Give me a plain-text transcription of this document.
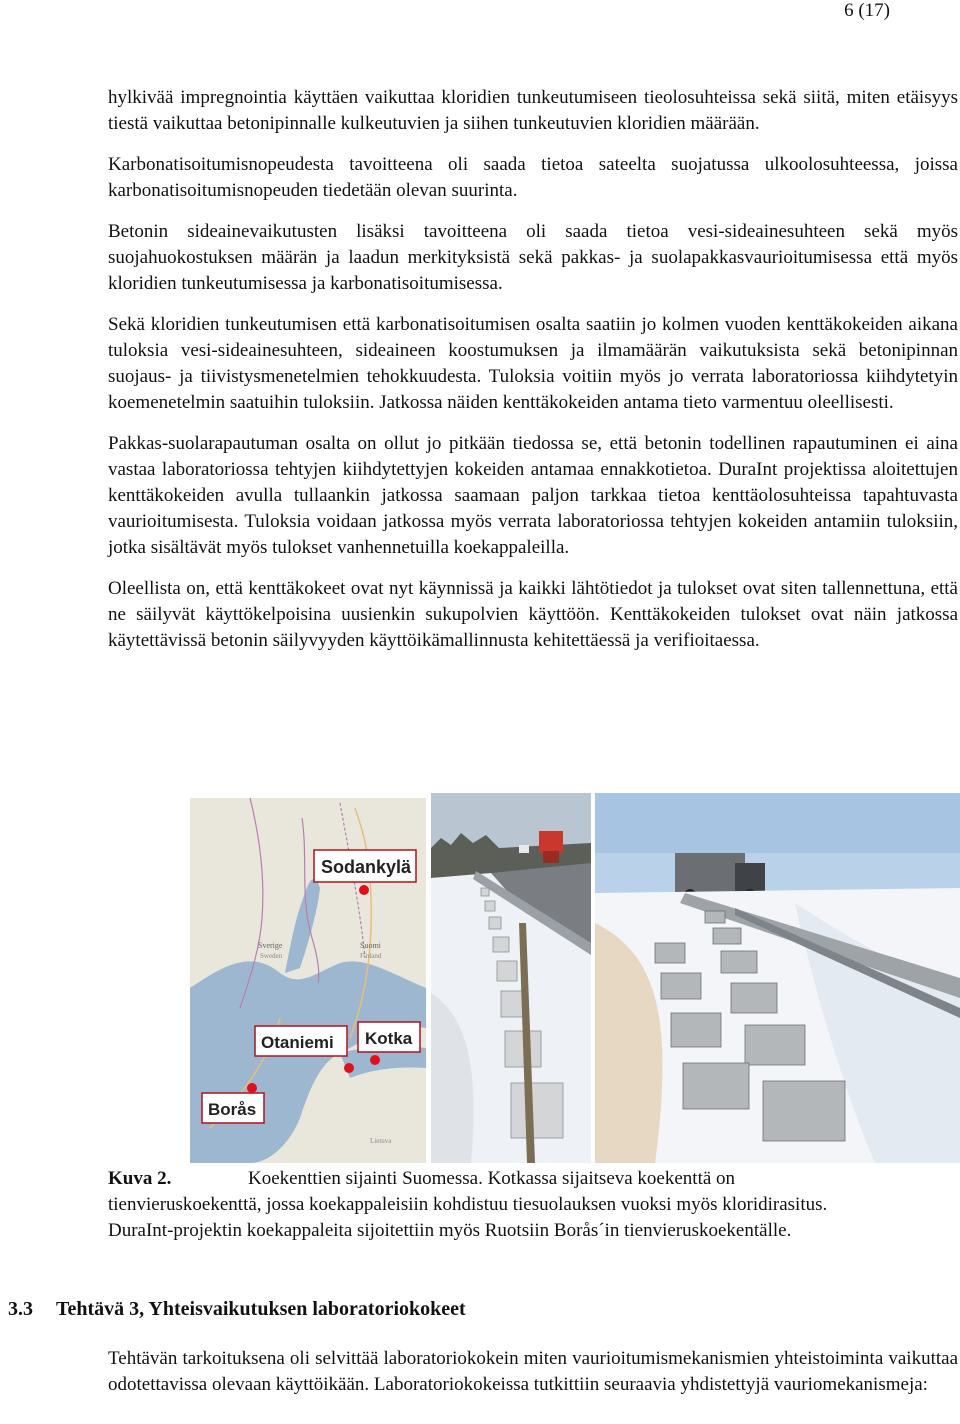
6 (17)

hylkivää impregnointia käyttäen vaikuttaa kloridien tunkeutumiseen tieolosuhteissa sekä siitä, miten etäisyys tiestä vaikuttaa betonipinnalle kulkeutuvien ja siihen tunkeutuvien kloridien määrään.

Karbonatisoitumisnopeudesta tavoitteena oli saada tietoa sateelta suojatussa ulkoolosuhteessa, joissa karbonatisoitumisnopeuden tiedetään olevan suurinta.

Betonin sideainevaikutusten lisäksi tavoitteena oli saada tietoa vesi-sideainesuhteen sekä myös suojahuokostuksen määrän ja laadun merkityksistä sekä pakkas- ja suolapakkasvaurioitumisessa että myös kloridien tunkeutumisessa ja karbonatisoitumisessa.

Sekä kloridien tunkeutumisen että karbonatisoitumisen osalta saatiin jo kolmen vuoden kenttäkokeiden aikana tuloksia vesi-sideainesuhteen, sideaineen koostumuksen ja ilmamäärän vaikutuksista sekä betonipinnan suojaus- ja tiivistysmenetelmien tehokkuudesta. Tuloksia voitiin myös jo verrata laboratoriossa kiihdytetyin koemenetelmin saatuihin tuloksiin. Jatkossa näiden kenttäkokeiden antama tieto varmentuu oleellisesti.

Pakkas-suolarapautuman osalta on ollut jo pitkään tiedossa se, että betonin todellinen rapautuminen ei aina vastaa laboratoriossa tehtyjen kiihdytettyjen kokeiden antamaa ennakkotietoa. DuraInt projektissa aloitettujen kenttäkokeiden avulla tullaankin jatkossa saamaan paljon tarkkaa tietoa kenttäolosuhteissa tapahtuvasta vaurioitumisesta. Tuloksia voidaan jatkossa myös verrata laboratoriossa tehtyjen kokeiden antamiin tuloksiin, jotka sisältävät myös tulokset vanhennetuilla koekappaleilla.

Oleellista on, että kenttäkokeet ovat nyt käynnissä ja kaikki lähtötiedot ja tulokset ovat siten tallennettuna, että ne säilyvät käyttökelpoisina uusienkin sukupolvien käyttöön. Kenttäkokeiden tulokset ovat näin jatkossa käytettävissä betonin säilyvyyden käyttöikämallinnusta kehitettäessä ja verifioitaessa.

Sverige
Sweden
Suomi
Finland
Lietuva
Sodankylä
Otaniemi Kotka
Borås
Kuva 2.	Koekenttien sijainti Suomessa. Kotkassa sijaitseva koekenttä on tienvieruskoekenttä, jossa koekappaleisiin kohdistuu tiesuolauksen vuoksi myös kloridirasitus. DuraInt-projektin koekappaleita sijoitettiin myös Ruotsiin Borås´in tienvieruskoekentälle.
3.3 Tehtävä 3, Yhteisvaikutuksen laboratoriokokeet

Tehtävän tarkoituksena oli selvittää laboratoriokokein miten vaurioitumismekanismien yhteistoiminta vaikuttaa odotettavissa olevaan käyttöikään. Laboratoriokokeissa tutkittiin seuraavia yhdistettyjä vauriomekanismeja:
